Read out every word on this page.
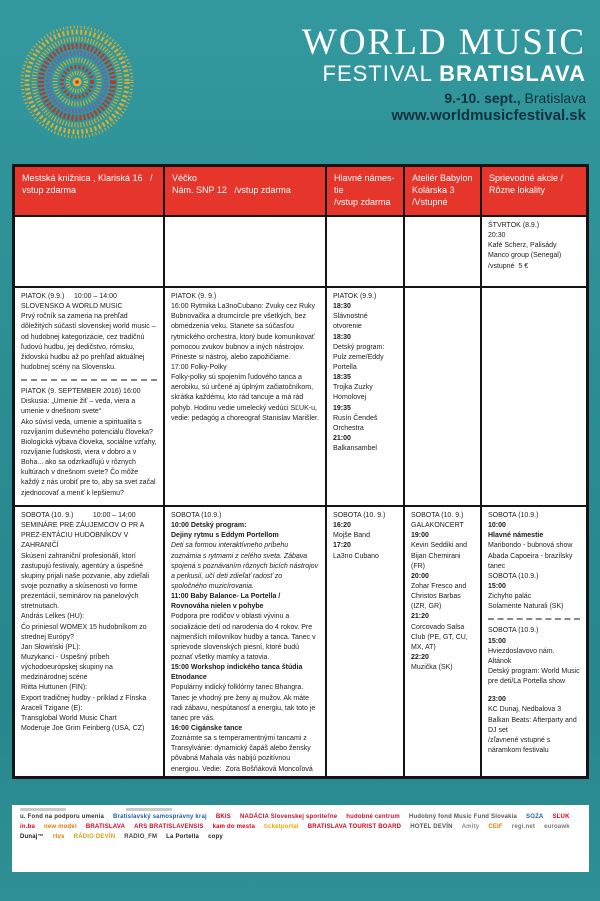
WORLD MUSIC
FESTIVAL BRATISLAVA
9.-10. sept., Bratislava
www.worldmusicfestival.sk
Mestská knižnica , Klariská 16   /
vstup zdarma
Véčko
Nám. SNP 12   /vstup zdarma
Hlavné námes-
tie
/vstup zdarma
Ateliér Babylon
Kolárska 3
/Vstupné
Sprievodné akcie /
Rôzne lokality
ŠTVRTOK (8.9.)
20:30
Kafé Scherz, Palisády
Manco group (Senegal)
/vstupné  5 €
PIATOK (9.9.)     10:00 – 14:00
SLOVENSKO A WORLD MUSIC
Prvý ročník sa zameria na prehľad dôležitých súčastí slovenskej world music – od hudobnej kategorizácie, cez tradičnú ľudovú hudbu, jej dedičstvo, rómsku, židovskú hudbu až po prehľad aktuálnej hudobnej scény na Slovensku.
PIATOK (9. SEPTEMBER 2016) 16:00
Diskusia: „Umenie žiť – veda, viera a umenie v dnešnom svete“
Ako súvisí veda, umenie a spiritualita s rozvíjaním duševného potenciálu človeka? Biologická výbava človeka, sociálne vzťahy, rozvíjanie ľudskosti, viera v dobro a v Boha... ako sa odzrkadľujú v rôznych kultúrach v dnešnom svete? Čo môže každý z nás urobiť pre to, aby sa svet začal zjednocovať a meniť k lepšiemu?
PIATOK (9. 9.)
16:00 Rytmika La3noCubano: Zvuky cez Ruky Bubnovačka a drumcircle pre všetkých, bez obmedzenia veku. Stanete sa súčasťou rytmického orchestra, ktorý bude komunikovať pomocou zvukov bubnov a iných nástrojov. Prineste si nástroj, alebo zapožičiame.
17:00 Folky-Polky
Folky-polky sú spojením ľudového tanca a aerobiku, sú určené aj úplným začiatočníkom, skrátka každému, kto rád tancuje a má rád pohyb. Hodinu vedie umelecký vedúci SĽUK-u, vedie: pedagóg a choreograf Stanislav Marišler.
PIATOK (9.9.)
18:30
Slávnostné otvorenie
18:30
Detský program: Pulz zeme/Eddy Portella
18:35
Trojka Zuzky Homolovej
19:35
Rusín Čendeš Orchestra
21:00
Balkansambel
SOBOTA (10. 9.)          10:00 – 14:00
SEMINÁRE PRE ZÁUJEMCOV O PR A PREZ-ENTÁCIU HUDOBNÍKOV V ZAHRANIČÍ
Skúsení zahraniční profesionáli, ktorí zastupujú festivaly, agentúry a úspešné skupiny prijali naše pozvanie, aby zdieľali svoje poznatky a skúsenosti vo forme prezentácií, seminárov na panelových stretnutiach.
András Lelkes (HU):
Čo priniesol WOMEX 15 hudobníkom zo strednej Európy?
Jan Słowiński (PL):
Muzykanci - Úspešný príbeh východoeurópskej skupiny na medzinárodnej scéne
Riitta Huttunen (FIN):
Export tradičnej hudby - príklad z Fínska
Araceli Tzigane (E):
Transglobal World Music Chart
Moderuje Joe Grim Feinberg (USA, CZ)
SOBOTA (10.9.)
10:00 Detský program:
Dejiny rytmu s Eddym Portellom
Deti sa formou interaktívneho príbehu zoznámia s rytmami z celého sveta. Zábava spojená s poznávaním rôznych bicích nástrojov a perkusií, učí deti zdieľať radosť zo spoločného muzicírovania.
11:00 Baby Balance- La Portella / Rovnováha nielen v pohybe
Podpora pre rodičov v oblasti vývinu a socializácie detí od narodenia do 4 rokov. Pre najmenších milovníkov hudby a tanca. Tanec v sprievode slovenských piesní, ktoré budú poznať všetky mamky a tatovia.
15:00 Workshop indického tanca štúdia Etnodance
Populárny indický folklórny tanec Bhangra. Tanec je vhodný pre ženy aj mužov. Ak máte radi zábavu, nespútanosť a energiu, tak toto je tanec pre vás.
16:00 Cigánske tance
Zoznámte sa s temperamentnými tancami z Transylvánie: dynamický čapáš alebo žensky pôvabná Mahala vás nabijú pozitívnou energiou. Vedie:  Zora Bošňáková Moncoľová
SOBOTA (10. 9.)
16:20
Mojše Band
17:20
La3no Cubano
SOBOTA (10. 9.)
GALAKONCERT
19:00
Kevin Seddiki and Bijan Chemirani (FR)
20:00
Zohar Fresco and Christos Barbas (IZR, GR)
21:20
Corcovado Salsa Club (PE, GT, CU, MX, AT)
22:20
Muzička (SK)
SOBOTA (10.9.)
10:00
Hlavné námestie
Maribondo - bubnová show
Abada Capoeira - brazílsky tanec
SOBOTA (10.9.)
15:00
Zichyho palác
Solamente Naturali (SK)
SOBOTA (10.9.)
15:00
Hviezdoslavovo nám.
Altánok
Detský program: World Music pre deti/La Portella show
23:00
KC Dunaj, Nedbalova 3
Balkan Beats: Afterparty and DJ set
/zľavnené vstupné s náramkom festivalu
u. Fond na podporu umenia Bratislavský samosprávny kraj BKIS NADÁCIA Slovenskej sporiteľne hudobné centrum Hudobný fond Music Fund Slovakia SOZA SĽUK
in.ba new model BRATISLAVA ARS BRATISLAVENSIS kam do mesta ticketportal BRATISLAVA TOURIST BOARD HOTEL DEVÍN Amity CEIF regi.net euroawk
Dunaj™ rtvs RÁDIO DEVÍN RADIO_FM La Portella copy
